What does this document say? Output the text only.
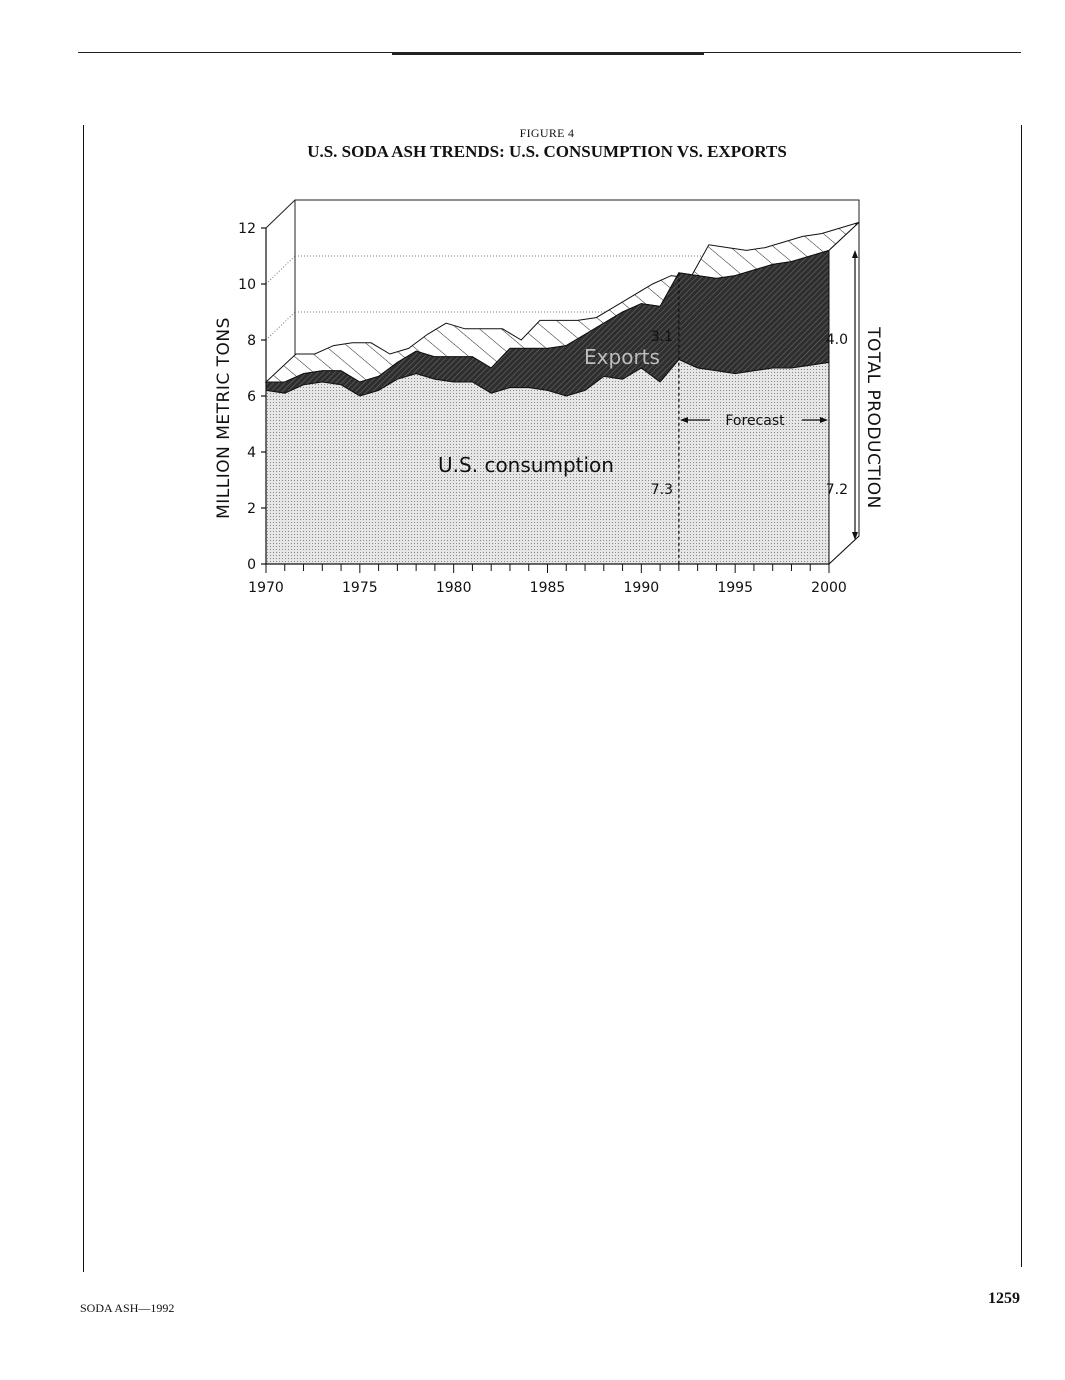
FIGURE 4
U.S. SODA ASH TRENDS: U.S. CONSUMPTION VS. EXPORTS
0
2
4
6
8
10
12
1970	1975	1980	1985	1990	1995	2000
MILLION METRIC TONS	TOTAL PRODUCTION
U.S. consumption
Exports
3.1
7.3
4.0
7.2
Forecast
SODA ASH—1992
1259
